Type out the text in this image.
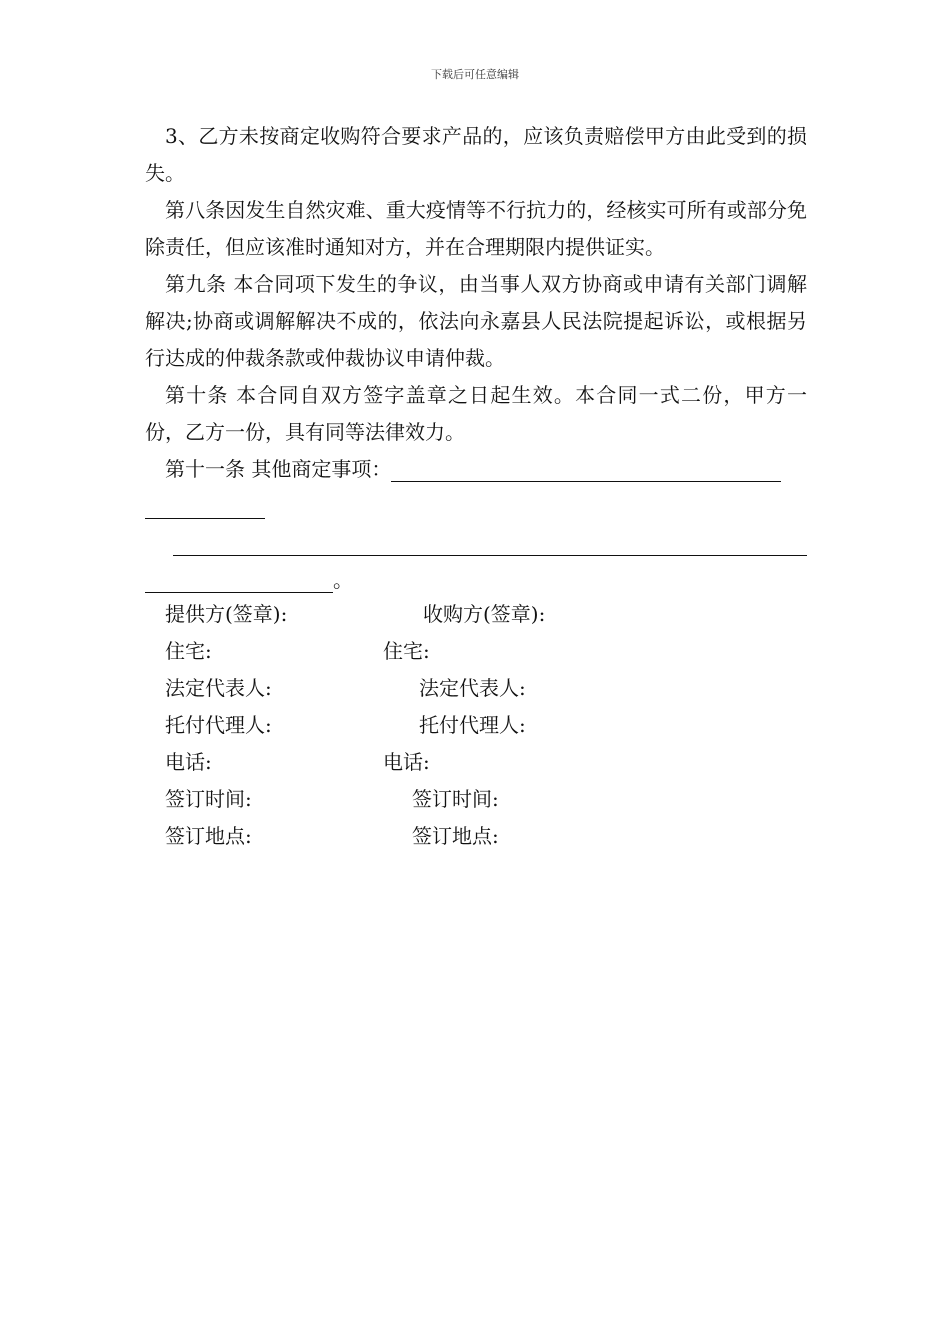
下载后可任意编辑

3、乙方未按商定收购符合要求产品的，应该负责赔偿甲方由此受到的损失。

第八条因发生自然灾难、重大疫情等不行抗力的，经核实可所有或部分免除责任，但应该准时通知对方，并在合理期限内提供证实。

第九条 本合同项下发生的争议，由当事人双方协商或申请有关部门调解解决;协商或调解解决不成的，依法向永嘉县人民法院提起诉讼，或根据另行达成的仲裁条款或仲裁协议申请仲裁。

第十条 本合同自双方签字盖章之日起生效。本合同一式二份，甲方一份，乙方一份，具有同等法律效力。

第十一条 其他商定事项：
。
提供方(签章):	收购方(签章):
住宅:	住宅:
法定代表人:	法定代表人:
托付代理人:	托付代理人:
电话:	电话:
签订时间:	签订时间:
签订地点:	签订地点:
